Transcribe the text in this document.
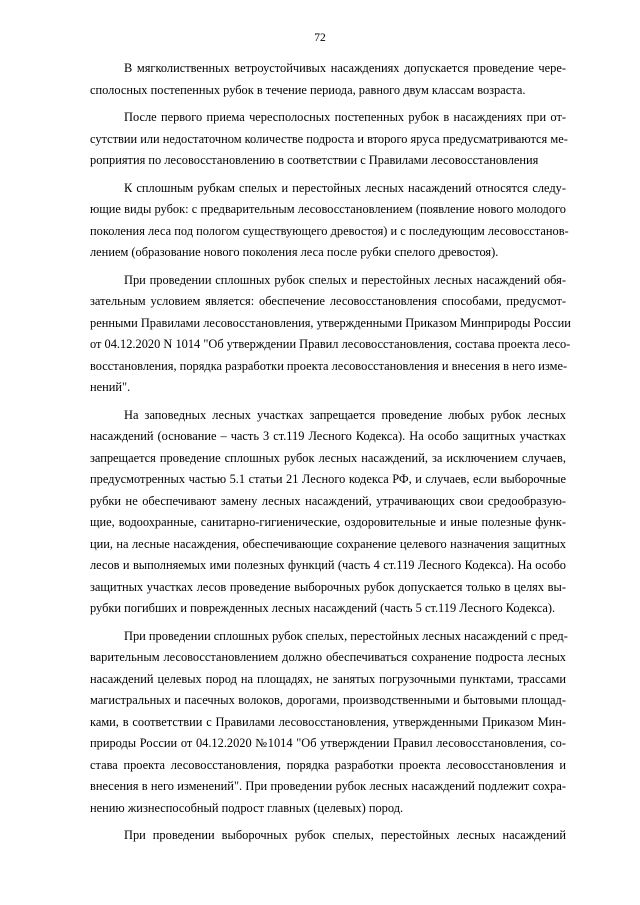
72

В мягколиственных ветроустойчивых насаждениях допускается проведение чере-
сполосных постепенных рубок в течение периода, равного двум классам возраста.

После первого приема чересполосных постепенных рубок в насаждениях при от-
сутствии или недостаточном количестве подроста и второго яруса предусматриваются ме-
роприятия по лесовосстановлению в соответствии с Правилами лесовосстановления

К сплошным рубкам спелых и перестойных лесных насаждений относятся следу-
ющие виды рубок: с предварительным лесовосстановлением (появление нового молодого
поколения леса под пологом существующего древостоя) и с последующим лесовосстанов-
лением (образование нового поколения леса после рубки спелого древостоя).

При проведении сплошных рубок спелых и перестойных лесных насаждений обя-
зательным условием является: обеспечение лесовосстановления способами, предусмот-
ренными Правилами лесовосстановления, утвержденными Приказом Минприроды России
от 04.12.2020 N 1014 "Об утверждении Правил лесовосстановления, состава проекта лесо-
восстановления, порядка разработки проекта лесовосстановления и внесения в него изме-
нений".

На заповедных лесных участках запрещается проведение любых рубок лесных
насаждений (основание – часть 3 ст.119 Лесного Кодекса). На особо защитных участках
запрещается проведение сплошных рубок лесных насаждений, за исключением случаев,
предусмотренных частью 5.1 статьи 21 Лесного кодекса РФ, и случаев, если выборочные
рубки не обеспечивают замену лесных насаждений, утрачивающих свои средообразую-
щие, водоохранные, санитарно-гигиенические, оздоровительные и иные полезные функ-
ции, на лесные насаждения, обеспечивающие сохранение целевого назначения защитных
лесов и выполняемых ими полезных функций (часть 4 ст.119 Лесного Кодекса). На особо
защитных участках лесов проведение выборочных рубок допускается только в целях вы-
рубки погибших и поврежденных лесных насаждений (часть 5 ст.119 Лесного Кодекса).

При проведении сплошных рубок спелых, перестойных лесных насаждений с пред-
варительным лесовосстановлением должно обеспечиваться сохранение подроста лесных
насаждений целевых пород на площадях, не занятых погрузочными пунктами, трассами
магистральных и пасечных волоков, дорогами, производственными и бытовыми площад-
ками, в соответствии с Правилами лесовосстановления, утвержденными Приказом Мин-
природы России от 04.12.2020 №1014 "Об утверждении Правил лесовосстановления, со-
става проекта лесовосстановления, порядка разработки проекта лесовосстановления и
внесения в него изменений". При проведении рубок лесных насаждений подлежит сохра-
нению жизнеспособный подрост главных (целевых) пород.

При проведении выборочных рубок спелых, перестойных лесных насаждений
